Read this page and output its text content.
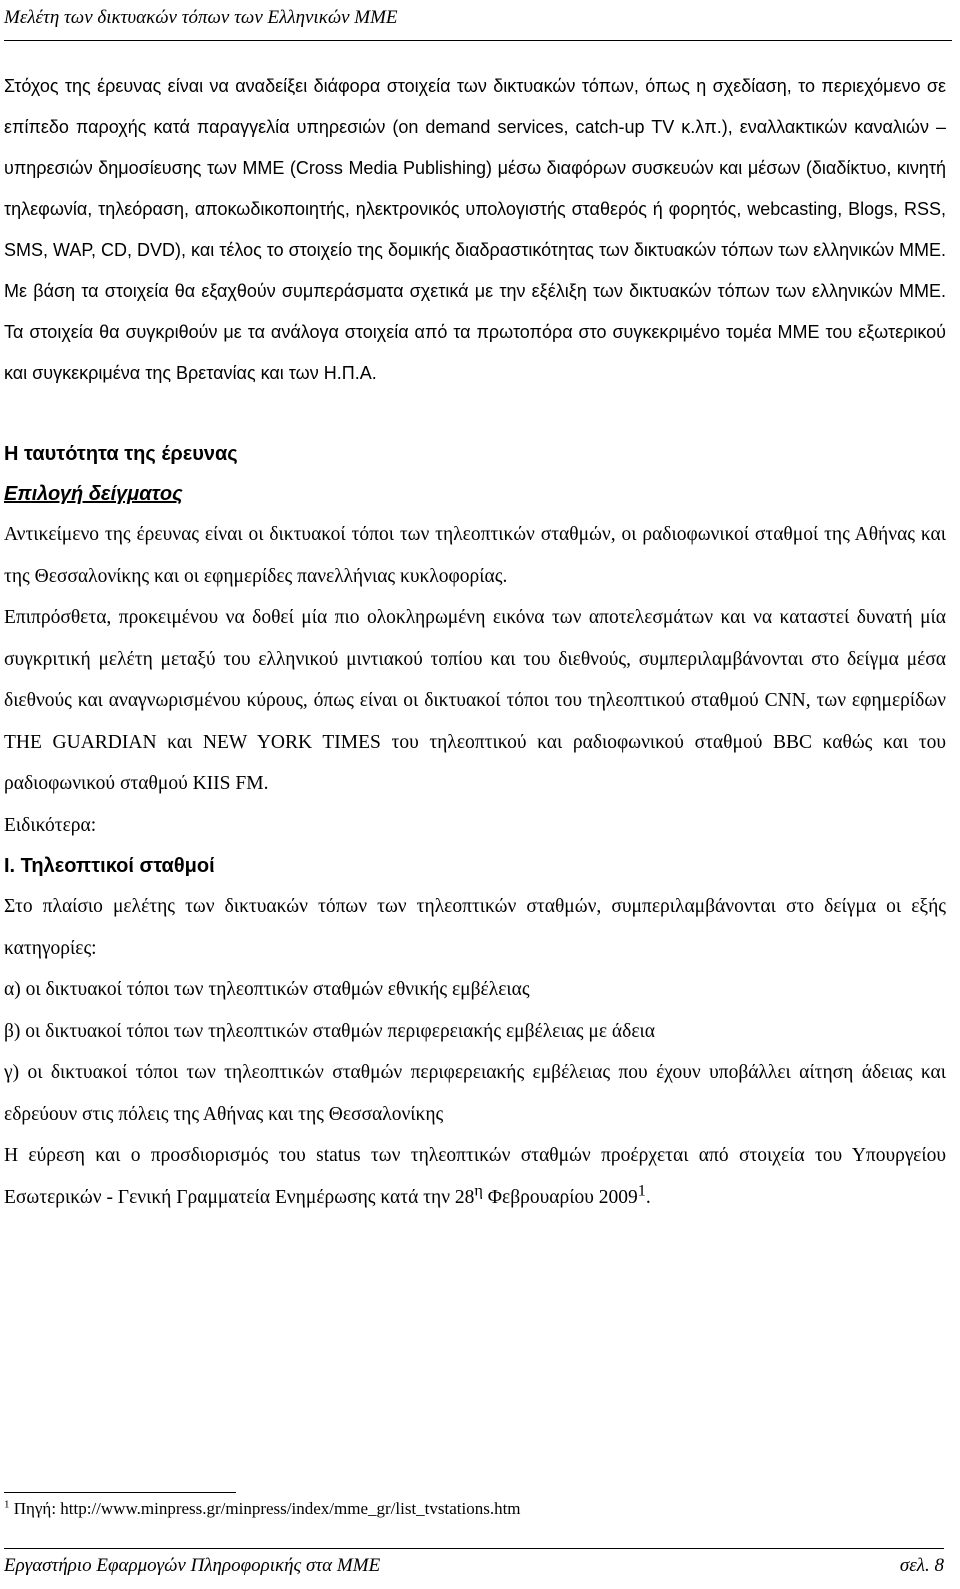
Μελέτη των δικτυακών τόπων των Ελληνικών ΜΜΕ

Στόχος της έρευνας είναι να αναδείξει διάφορα στοιχεία των δικτυακών τόπων, όπως η σχεδίαση, το περιεχόμενο σε επίπεδο παροχής κατά παραγγελία υπηρεσιών (on demand services, catch-up TV κ.λπ.), εναλλακτικών καναλιών – υπηρεσιών δημοσίευσης των ΜΜΕ (Cross Media Publishing) μέσω διαφόρων συσκευών και μέσων (διαδίκτυο, κινητή τηλεφωνία, τηλεόραση, αποκωδικοποιητής, ηλεκτρονικός υπολογιστής σταθερός ή φορητός, webcasting, Blogs, RSS, SMS, WAP, CD, DVD), και τέλος το στοιχείο της δομικής διαδραστικότητας των δικτυακών τόπων των ελληνικών ΜΜΕ. Με βάση τα στοιχεία θα εξαχθούν συμπεράσματα σχετικά με την εξέλιξη των δικτυακών τόπων των ελληνικών ΜΜΕ. Τα στοιχεία θα συγκριθούν με τα ανάλογα στοιχεία από τα πρωτοπόρα στο συγκεκριμένο τομέα ΜΜΕ του εξωτερικού και συγκεκριμένα της Βρετανίας και των Η.Π.Α.

Η ταυτότητα της έρευνας

Επιλογή δείγματος

Αντικείμενο της έρευνας είναι οι δικτυακοί τόποι των τηλεοπτικών σταθμών, οι ραδιοφωνικοί σταθμοί της Αθήνας και της Θεσσαλονίκης και οι εφημερίδες πανελλήνιας κυκλοφορίας.

Επιπρόσθετα, προκειμένου να δοθεί μία πιο ολοκληρωμένη εικόνα των αποτελεσμάτων και να καταστεί δυνατή μία συγκριτική μελέτη μεταξύ του ελληνικού μιντιακού τοπίου και του διεθνούς, συμπεριλαμβάνονται στο δείγμα μέσα διεθνούς και αναγνωρισμένου κύρους, όπως είναι οι δικτυακοί τόποι του τηλεοπτικού σταθμού CNN, των εφημερίδων THE GUARDIAN και NEW YORK TIMES του τηλεοπτικού και ραδιοφωνικού σταθμού BBC καθώς και του ραδιοφωνικού σταθμού KIIS FM.

Ειδικότερα:

Ι. Τηλεοπτικοί σταθμοί

Στο πλαίσιο μελέτης των δικτυακών τόπων των τηλεοπτικών σταθμών, συμπεριλαμβάνονται στο δείγμα οι εξής κατηγορίες:

α) οι δικτυακοί τόποι των τηλεοπτικών σταθμών εθνικής εμβέλειας

β) οι δικτυακοί τόποι των τηλεοπτικών σταθμών περιφερειακής εμβέλειας με άδεια

γ) οι δικτυακοί τόποι των τηλεοπτικών σταθμών περιφερειακής εμβέλειας που έχουν υποβάλλει αίτηση άδειας και εδρεύουν στις πόλεις της Αθήνας και της Θεσσαλονίκης

Η εύρεση και ο προσδιορισμός του status των τηλεοπτικών σταθμών προέρχεται από στοιχεία του Υπουργείου Εσωτερικών - Γενική Γραμματεία Ενημέρωσης κατά την $28^\eta$ Φεβρουαρίου 2009$^1$.

$^1$ Πηγή: http://www.minpress.gr/minpress/index/mme_gr/list_tvstations.htm
Εργαστήριο Εφαρμογών Πληροφορικής στα ΜΜΕ	σελ. 8
